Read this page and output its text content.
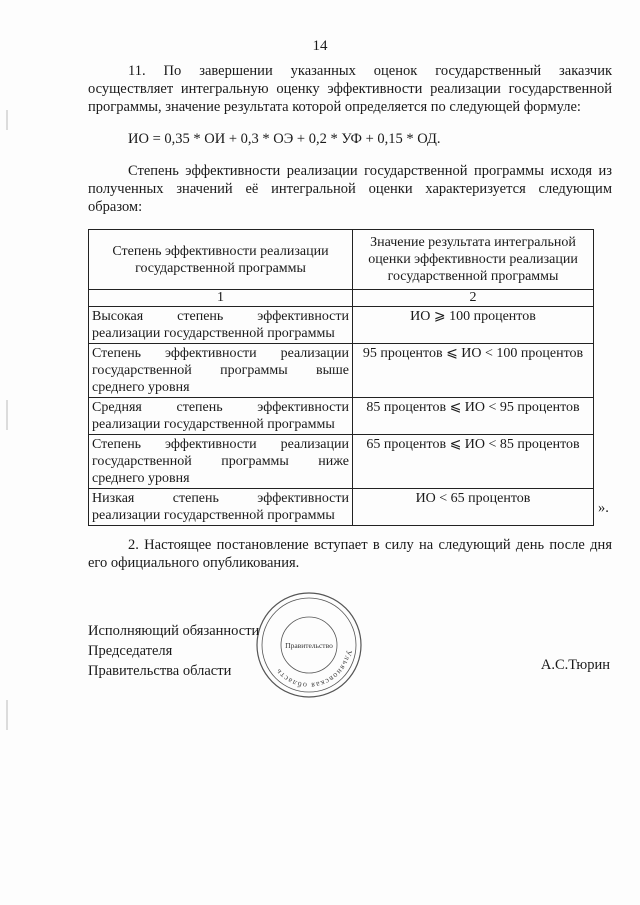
14

11. По завершении указанных оценок государственный заказчик осуществляет интегральную оценку эффективности реализации государственной программы, значение результата которой определяется по следующей формуле:

ИО = 0,35 * ОИ + 0,3 * ОЭ + 0,2 * УФ + 0,15 * ОД.

Степень эффективности реализации государственной программы исходя из полученных значений её интегральной оценки характеризуется следующим образом:

Степень эффективности реализации государственной программы	Значение результата интегральной оценки эффективности реализации государственной программы
1	2
Высокая степень эффективности реализации государственной программы	ИО ⩾ 100 процентов
Степень эффективности реализации государственной программы выше среднего уровня	95 процентов ⩽ ИО < 100 процентов
Средняя степень эффективности реализации государственной программы	85 процентов ⩽ ИО < 95 процентов
Степень эффективности реализации государственной программы ниже среднего уровня	65 процентов ⩽ ИО < 85 процентов
Низкая степень эффективности реализации государственной программы	ИО < 65 процентов
».

2. Настоящее постановление вступает в силу на следующий день после дня его официального опубликования.

Ульяновская область
Правительство
Исполняющий обязанности
Председателя
Правительства области	А.С.Тюрин
